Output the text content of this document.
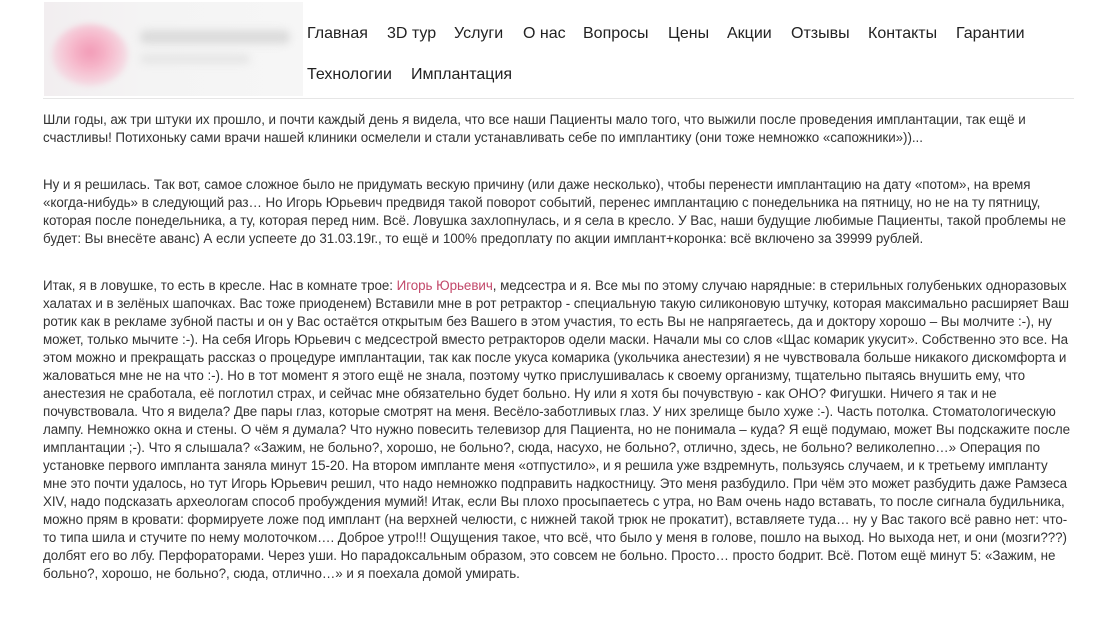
Главная 3D тур Услуги О нас Вопросы Цены Акции Отзывы Контакты Гарантии
Технологии Имплантация

Шли годы, аж три штуки их прошло, и почти каждый день я видела, что все наши Пациенты мало того, что выжили после проведения имплантации, так ещё и счастливы! Потихоньку сами врачи нашей клиники осмелели и стали устанавливать себе по имплантику (они тоже немножко «сапожники»))...

Ну и я решилась. Так вот, самое сложное было не придумать вескую причину (или даже несколько), чтобы перенести имплантацию на дату «потом», на время «когда-нибудь» в следующий раз… Но Игорь Юрьевич предвидя такой поворот событий, перенес имплантацию с понедельника на пятницу, но не на ту пятницу, которая после понедельника, а ту, которая перед ним. Всё. Ловушка захлопнулась, и я села в кресло. У Вас, наши будущие любимые Пациенты, такой проблемы не будет: Вы внесёте аванс) А если успеете до 31.03.19г., то ещё и 100% предоплату по акции имплант+коронка: всё включено за 39999 рублей.

Итак, я в ловушке, то есть в кресле. Нас в комнате трое: Игорь Юрьевич, медсестра и я. Все мы по этому случаю нарядные: в стерильных голубеньких одноразовых халатах и в зелёных шапочках. Вас тоже приоденем) Вставили мне в рот ретрактор - специальную такую силиконовую штучку, которая максимально расширяет Ваш ротик как в рекламе зубной пасты и он у Вас остаётся открытым без Вашего в этом участия, то есть Вы не напрягаетесь, да и доктору хорошо – Вы молчите :-), ну может, только мычите :-). На себя Игорь Юрьевич с медсестрой вместо ретракторов одели маски. Начали мы со слов «Щас комарик укусит». Собственно это все. На этом можно и прекращать рассказ о процедуре имплантации, так как после укуса комарика (укольчика анестезии) я не чувствовала больше никакого дискомфорта и жаловаться мне не на что :-). Но в тот момент я этого ещё не знала, поэтому чутко прислушивалась к своему организму, тщательно пытаясь внушить ему, что анестезия не сработала, её поглотил страх, и сейчас мне обязательно будет больно. Ну или я хотя бы почувствую - как ОНО? Фигушки. Ничего я так и не почувствовала. Что я видела? Две пары глаз, которые смотрят на меня. Весёло-заботливых глаз. У них зрелище было хуже :-). Часть потолка. Стоматологическую лампу. Немножко окна и стены. О чём я думала? Что нужно повесить телевизор для Пациента, но не понимала – куда? Я ещё подумаю, может Вы подскажите после имплантации ;-). Что я слышала? «Зажим, не больно?, хорошо, не больно?, сюда, насухо, не больно?, отлично, здесь, не больно? великолепно…» Операция по установке первого импланта заняла минут 15-20. На втором импланте меня «отпустило», и я решила уже вздремнуть, пользуясь случаем, и к третьему импланту мне это почти удалось, но тут Игорь Юрьевич решил, что надо немножко подправить надкостницу. Это меня разбудило. При чём это может разбудить даже Рамзеса XIV, надо подсказать археологам способ пробуждения мумий! Итак, если Вы плохо просыпаетесь с утра, но Вам очень надо вставать, то после сигнала будильника, можно прям в кровати: формируете ложе под имплант (на верхней челюсти, с нижней такой трюк не прокатит), вставляете туда… ну у Вас такого всё равно нет: что-то типа шила и стучите по нему молоточком…. Доброе утро!!! Ощущения такое, что всё, что было у меня в голове, пошло на выход. Но выхода нет, и они (мозги???) долбят его во лбу. Перфораторами. Через уши. Но парадоксальным образом, это совсем не больно. Просто… просто бодрит. Всё. Потом ещё минут 5: «Зажим, не больно?, хорошо, не больно?, сюда, отлично…» и я поехала домой умирать.
